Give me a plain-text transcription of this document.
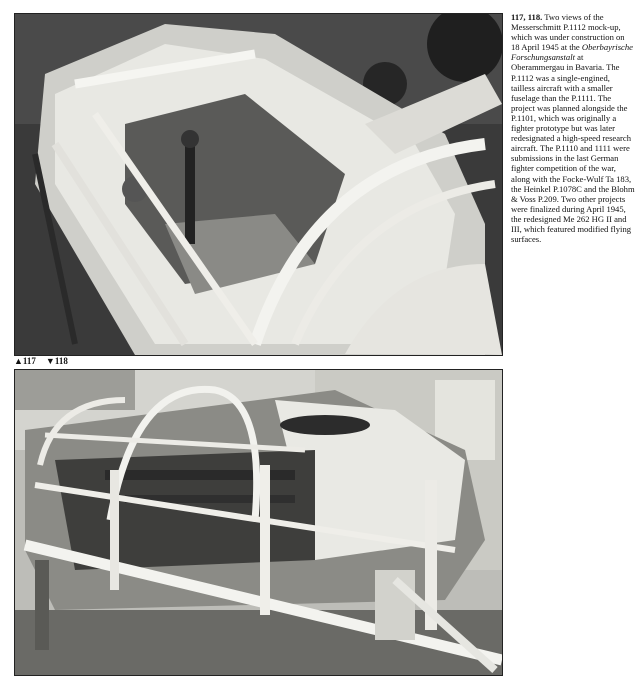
117, 118. Two views of the Messerschmitt P.1112 mock-up, which was under construction on 18 April 1945 at the Oberbayrische Forschungsanstalt at Oberammergau in Bavaria. The P.1112 was a single-engined, tailless aircraft with a smaller fuselage than the P.1111. The project was planned alongside the P.1101, which was originally a fighter prototype but was later redesignated a high-speed research aircraft. The P.1110 and 1111 were submissions in the last German fighter competition of the war, along with the Focke-Wulf Ta 183, the Heinkel P.1078C and the Blohm & Voss P.209. Two other projects were finalized during April 1945, the redesigned Me 262 HG II and III, which featured modified flying surfaces.
▲117 ▼118
